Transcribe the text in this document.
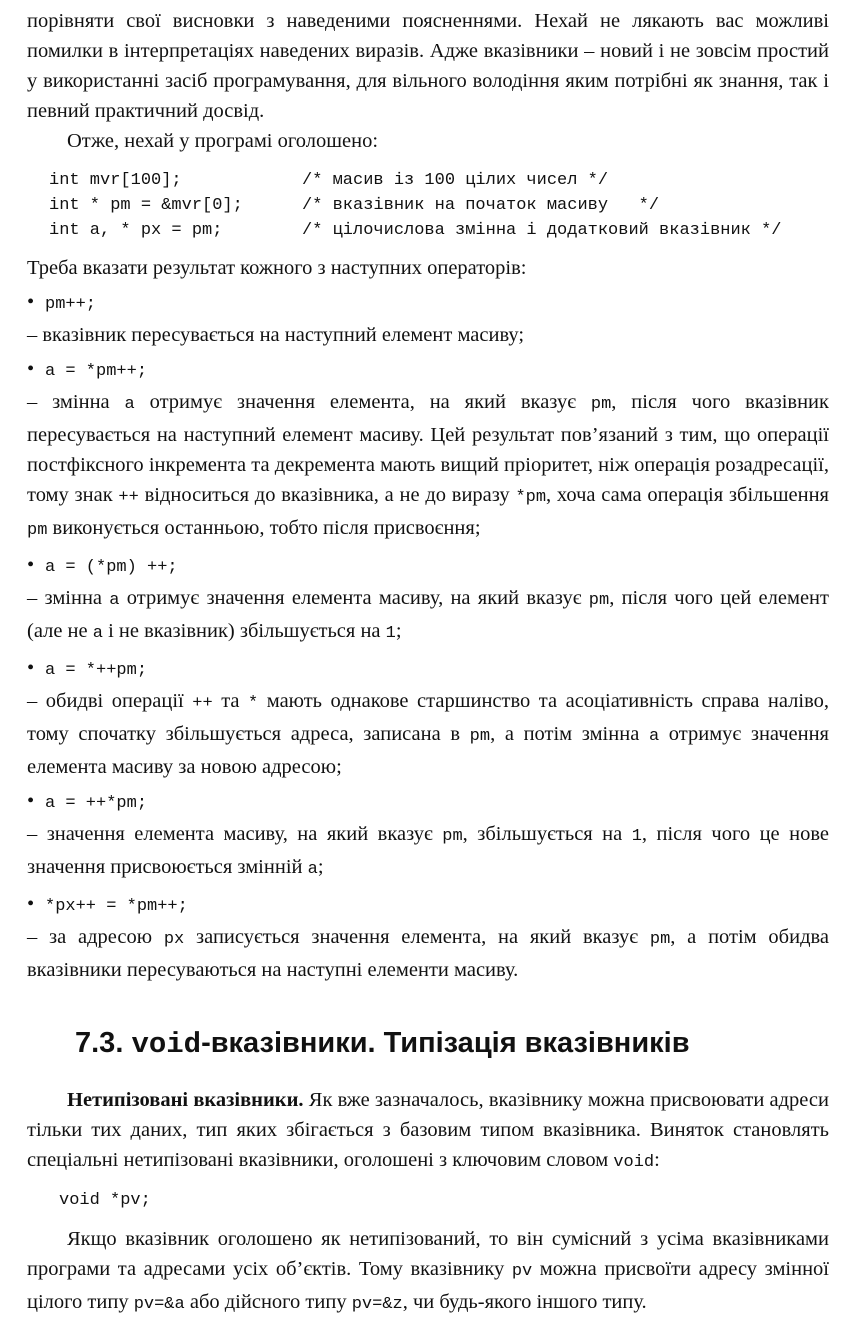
порівняти свої висновки з наведеними поясненнями. Нехай не лякають вас можливі помилки в інтерпретаціях наведених виразів. Адже вказівники – новий і не зовсім простий у використанні засіб програмування, для вільного володіння яким потрібні як знання, так і певний практичний досвід.

Отже, нехай у програмі оголошено:

int mvr[100];	/* масив із 100 цілих чисел */
int * pm = &mvr[0];	/* вказівник на початок масиву   */
int a, * px = pm;	/* цілочислова змінна і додатковий вказівник */

Треба вказати результат кожного з наступних операторів:

• pm++;

– вказівник пересувається на наступний елемент масиву;

• a = *pm++;

– змінна a отримує значення елемента, на який вказує pm, після чого вказівник пересувається на наступний елемент масиву. Цей результат пов’язаний з тим, що операції постфіксного інкремента та декремента мають вищий пріоритет, ніж операція розадресації, тому знак ++ відноситься до вказівника, а не до виразу *pm, хоча сама операція збільшення pm виконується останньою, тобто після присвоєння;

• a = (*pm) ++;

– змінна a отримує значення елемента масиву, на який вказує pm, після чого цей елемент (але не a і не вказівник) збільшується на 1;

• a = *++pm;

– обидві операції ++ та * мають однакове старшинство та асоціативність справа наліво, тому спочатку збільшується адреса, записана в pm, а потім змінна a отримує значення елемента масиву за новою адресою;

• a = ++*pm;

– значення елемента масиву, на який вказує pm, збільшується на 1, після чого це нове значення присвоюється змінній a;

• *px++ = *pm++;

– за адресою px записується значення елемента, на який вказує pm, а потім обидва вказівники пересуваються на наступні елементи масиву.

7.3. void-вказівники. Типізація вказівників

Нетипізовані вказівники. Як вже зазначалось, вказівнику можна присвоювати адреси тільки тих даних, тип яких збігається з базовим типом вказівника. Виняток становлять спеціальні нетипізовані вказівники, оголошені з ключовим словом void:

void *pv;

Якщо вказівник оголошено як нетипізований, то він сумісний з усіма вказівниками програми та адресами усіх об’єктів. Тому вказівнику pv можна присвоїти адресу змінної цілого типу pv=&a або дійсного типу pv=&z, чи будь-якого іншого типу.
